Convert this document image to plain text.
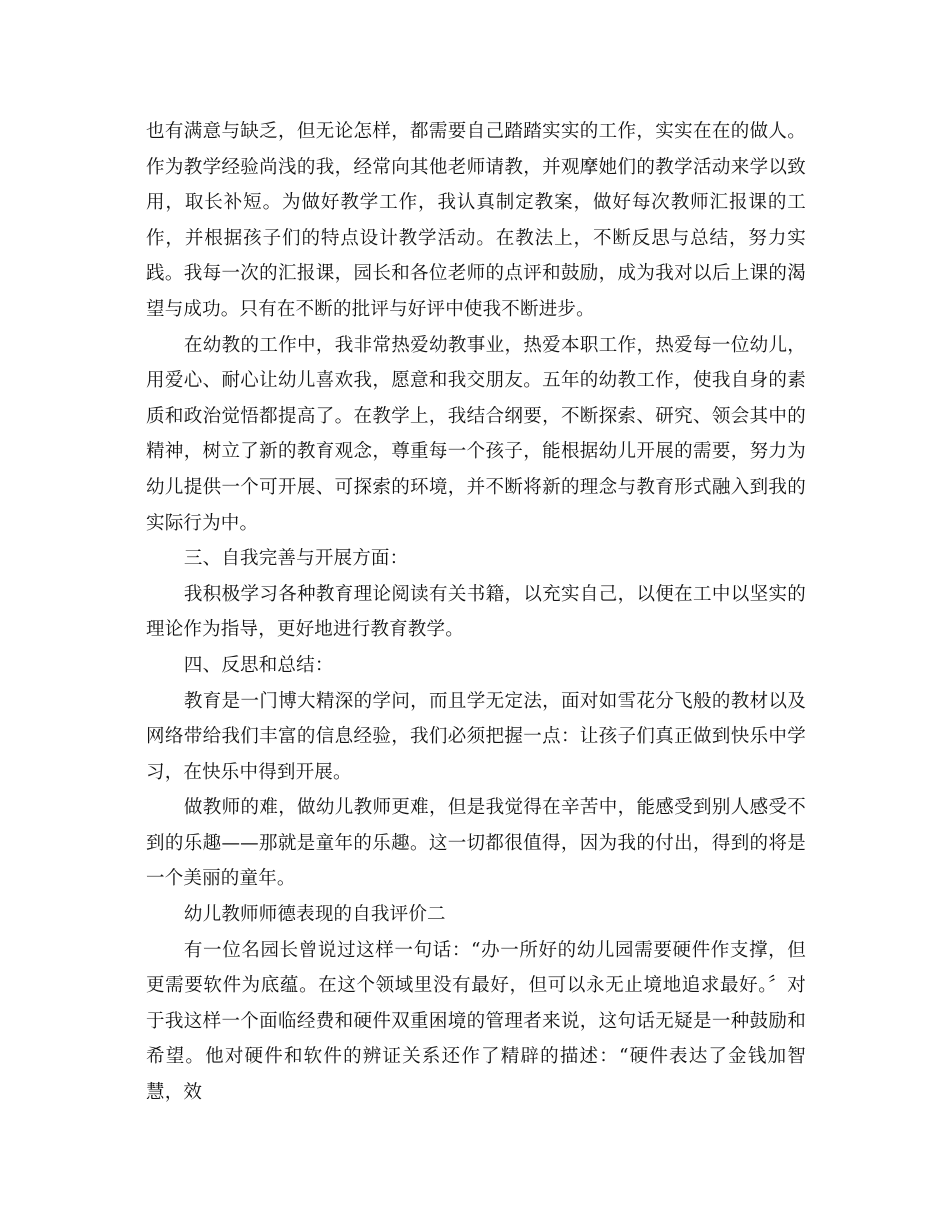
也有满意与缺乏，但无论怎样，都需要自己踏踏实实的工作，实实在在的做人。作为教学经验尚浅的我，经常向其他老师请教，并观摩她们的教学活动来学以致用，取长补短。为做好教学工作，我认真制定教案，做好每次教师汇报课的工作，并根据孩子们的特点设计教学活动。在教法上，不断反思与总结，努力实践。我每一次的汇报课，园长和各位老师的点评和鼓励，成为我对以后上课的渴望与成功。只有在不断的批评与好评中使我不断进步。

在幼教的工作中，我非常热爱幼教事业，热爱本职工作，热爱每一位幼儿，用爱心、耐心让幼儿喜欢我，愿意和我交朋友。五年的幼教工作，使我自身的素质和政治觉悟都提高了。在教学上，我结合纲要，不断探索、研究、领会其中的精神，树立了新的教育观念，尊重每一个孩子，能根据幼儿开展的需要，努力为幼儿提供一个可开展、可探索的环境，并不断将新的理念与教育形式融入到我的实际行为中。

三、自我完善与开展方面：

我积极学习各种教育理论阅读有关书籍，以充实自己，以便在工中以坚实的理论作为指导，更好地进行教育教学。

四、反思和总结：

教育是一门博大精深的学问，而且学无定法，面对如雪花分飞般的教材以及网络带给我们丰富的信息经验，我们必须把握一点：让孩子们真正做到快乐中学习，在快乐中得到开展。

做教师的难，做幼儿教师更难，但是我觉得在辛苦中，能感受到别人感受不到的乐趣——那就是童年的乐趣。这一切都很值得，因为我的付出，得到的将是一个美丽的童年。

幼儿教师师德表现的自我评价二

有一位名园长曾说过这样一句话：“办一所好的幼儿园需要硬件作支撑，但更需要软件为底蕴。在这个领域里没有最好，但可以永无止境地追求最好。〞对于我这样一个面临经费和硬件双重困境的管理者来说，这句话无疑是一种鼓励和希望。他对硬件和软件的辨证关系还作了精辟的描述：“硬件表达了金钱加智慧，效
